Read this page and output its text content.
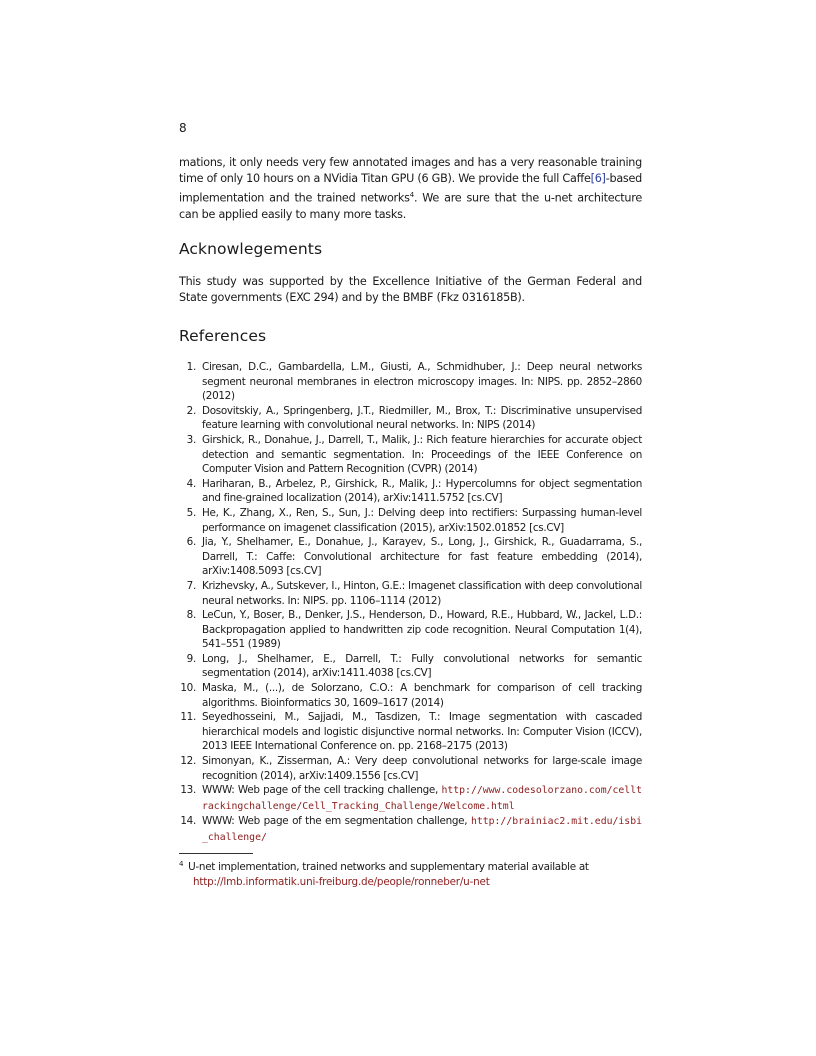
8

mations, it only needs very few annotated images and has a very reasonable training time of only 10 hours on a NVidia Titan GPU (6 GB). We provide the full Caffe[6]-based implementation and the trained networks$^4$. We are sure that the u-net architecture can be applied easily to many more tasks.

Acknowlegements

This study was supported by the Excellence Initiative of the German Federal and State governments (EXC 294) and by the BMBF (Fkz 0316185B).

References
1. Ciresan, D.C., Gambardella, L.M., Giusti, A., Schmidhuber, J.: Deep neural networks segment neuronal membranes in electron microscopy images. In: NIPS. pp. 2852–2860 (2012)
2. Dosovitskiy, A., Springenberg, J.T., Riedmiller, M., Brox, T.: Discriminative unsupervised feature learning with convolutional neural networks. In: NIPS (2014)
3. Girshick, R., Donahue, J., Darrell, T., Malik, J.: Rich feature hierarchies for accurate object detection and semantic segmentation. In: Proceedings of the IEEE Conference on Computer Vision and Pattern Recognition (CVPR) (2014)
4. Hariharan, B., Arbelez, P., Girshick, R., Malik, J.: Hypercolumns for object segmentation and fine-grained localization (2014), arXiv:1411.5752 [cs.CV]
5. He, K., Zhang, X., Ren, S., Sun, J.: Delving deep into rectifiers: Surpassing human-level performance on imagenet classification (2015), arXiv:1502.01852 [cs.CV]
6. Jia, Y., Shelhamer, E., Donahue, J., Karayev, S., Long, J., Girshick, R., Guadarrama, S., Darrell, T.: Caffe: Convolutional architecture for fast feature embedding (2014), arXiv:1408.5093 [cs.CV]
7. Krizhevsky, A., Sutskever, I., Hinton, G.E.: Imagenet classification with deep convolutional neural networks. In: NIPS. pp. 1106–1114 (2012)
8. LeCun, Y., Boser, B., Denker, J.S., Henderson, D., Howard, R.E., Hubbard, W., Jackel, L.D.: Backpropagation applied to handwritten zip code recognition. Neural Computation 1(4), 541–551 (1989)
9. Long, J., Shelhamer, E., Darrell, T.: Fully convolutional networks for semantic segmentation (2014), arXiv:1411.4038 [cs.CV]
10. Maska, M., (...), de Solorzano, C.O.: A benchmark for comparison of cell tracking algorithms. Bioinformatics 30, 1609–1617 (2014)
11. Seyedhosseini, M., Sajjadi, M., Tasdizen, T.: Image segmentation with cascaded hierarchical models and logistic disjunctive normal networks. In: Computer Vision (ICCV), 2013 IEEE International Conference on. pp. 2168–2175 (2013)
12. Simonyan, K., Zisserman, A.: Very deep convolutional networks for large-scale image recognition (2014), arXiv:1409.1556 [cs.CV]
13. WWW: Web page of the cell tracking challenge, http://www.codesolorzano.com/celltrackingchallenge/Cell_Tracking_Challenge/Welcome.html
14. WWW: Web page of the em segmentation challenge, http://brainiac2.mit.edu/isbi_challenge/
$^4$ U-net implementation, trained networks and supplementary material available at
http://lmb.informatik.uni-freiburg.de/people/ronneber/u-net
